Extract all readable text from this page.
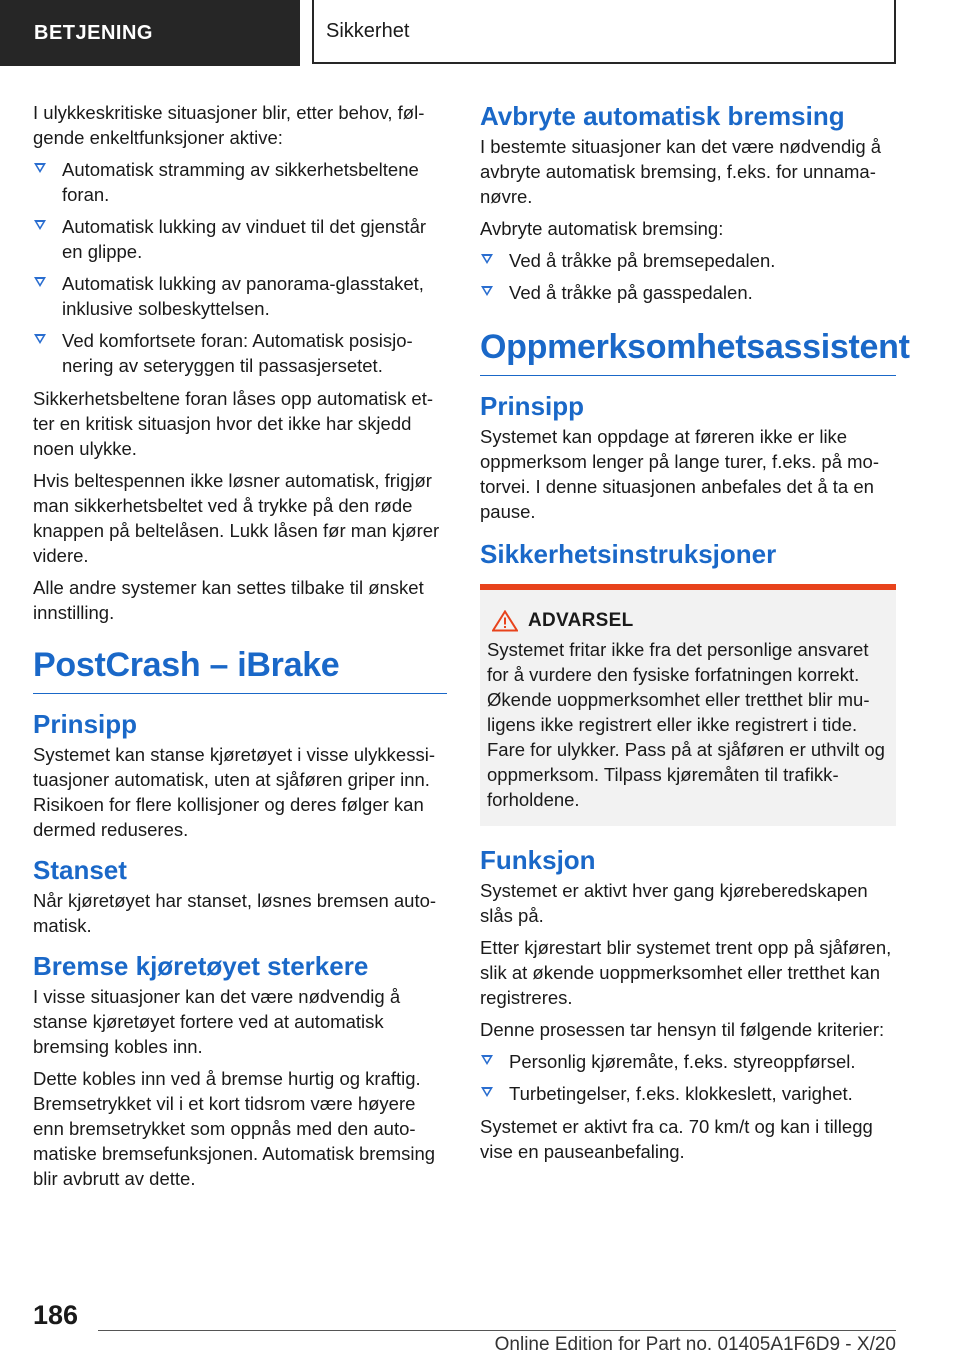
BETJENING	Sikkerhet

I ulykkeskritiske situasjoner blir, etter behov, følgende enkeltfunksjoner aktive:

Automatisk stramming av sikkerhetsbeltene foran.
Automatisk lukking av vinduet til det gjenstår en glippe.
Automatisk lukking av panorama-glasstaket, inklusive solbeskyttelsen.
Ved komfortsete foran: Automatisk posisjonering av seteryggen til passasjersetet.

Sikkerhetsbeltene foran låses opp automatisk etter en kritisk situasjon hvor det ikke har skjedd noen ulykke.

Hvis beltespennen ikke løsner automatisk, frigjør man sikkerhetsbeltet ved å trykke på den røde knappen på beltelåsen. Lukk låsen før man kjører videre.

Alle andre systemer kan settes tilbake til ønsket innstilling.

PostCrash – iBrake
Prinsipp

Systemet kan stanse kjøretøyet i visse ulykkessituasjoner automatisk, uten at sjåføren griper inn. Risikoen for flere kollisjoner og deres følger kan dermed reduseres.

Stanset

Når kjøretøyet har stanset, løsnes bremsen automatisk.

Bremse kjøretøyet sterkere

I visse situasjoner kan det være nødvendig å stanse kjøretøyet fortere ved at automatisk bremsing kobles inn.

Dette kobles inn ved å bremse hurtig og kraftig. Bremsetrykket vil i et kort tidsrom være høyere enn bremsetrykket som oppnås med den automatiske bremsefunksjonen. Automatisk bremsing blir avbrutt av dette.

Avbryte automatisk bremsing

I bestemte situasjoner kan det være nødvendig å avbryte automatisk bremsing, f.eks. for unnamanøvre.

Avbryte automatisk bremsing:

Ved å tråkke på bremsepedalen.
Ved å tråkke på gasspedalen.
Oppmerksomhetsassistent
Prinsipp

Systemet kan oppdage at føreren ikke er like oppmerksom lenger på lange turer, f.eks. på motorvei. I denne situasjonen anbefales det å ta en pause.

Sikkerhetsinstruksjoner
ADVARSEL

Systemet fritar ikke fra det personlige ansvaret for å vurdere den fysiske forfatningen korrekt. Økende uoppmerksomhet eller tretthet blir muligens ikke registrert eller ikke registrert i tide. Fare for ulykker. Pass på at sjåføren er uthvilt og oppmerksom. Tilpass kjøremåten til trafikkforholdene.

Funksjon

Systemet er aktivt hver gang kjøreberedskapen slås på.

Etter kjørestart blir systemet trent opp på sjåføren, slik at økende uoppmerksomhet eller tretthet kan registreres.

Denne prosessen tar hensyn til følgende kriterier:

Personlig kjøremåte, f.eks. styreoppførsel.
Turbetingelser, f.eks. klokkeslett, varighet.

Systemet er aktivt fra ca. 70 km/t og kan i tillegg vise en pauseanbefaling.

186
Online Edition for Part no. 01405A1F6D9 - X/20
